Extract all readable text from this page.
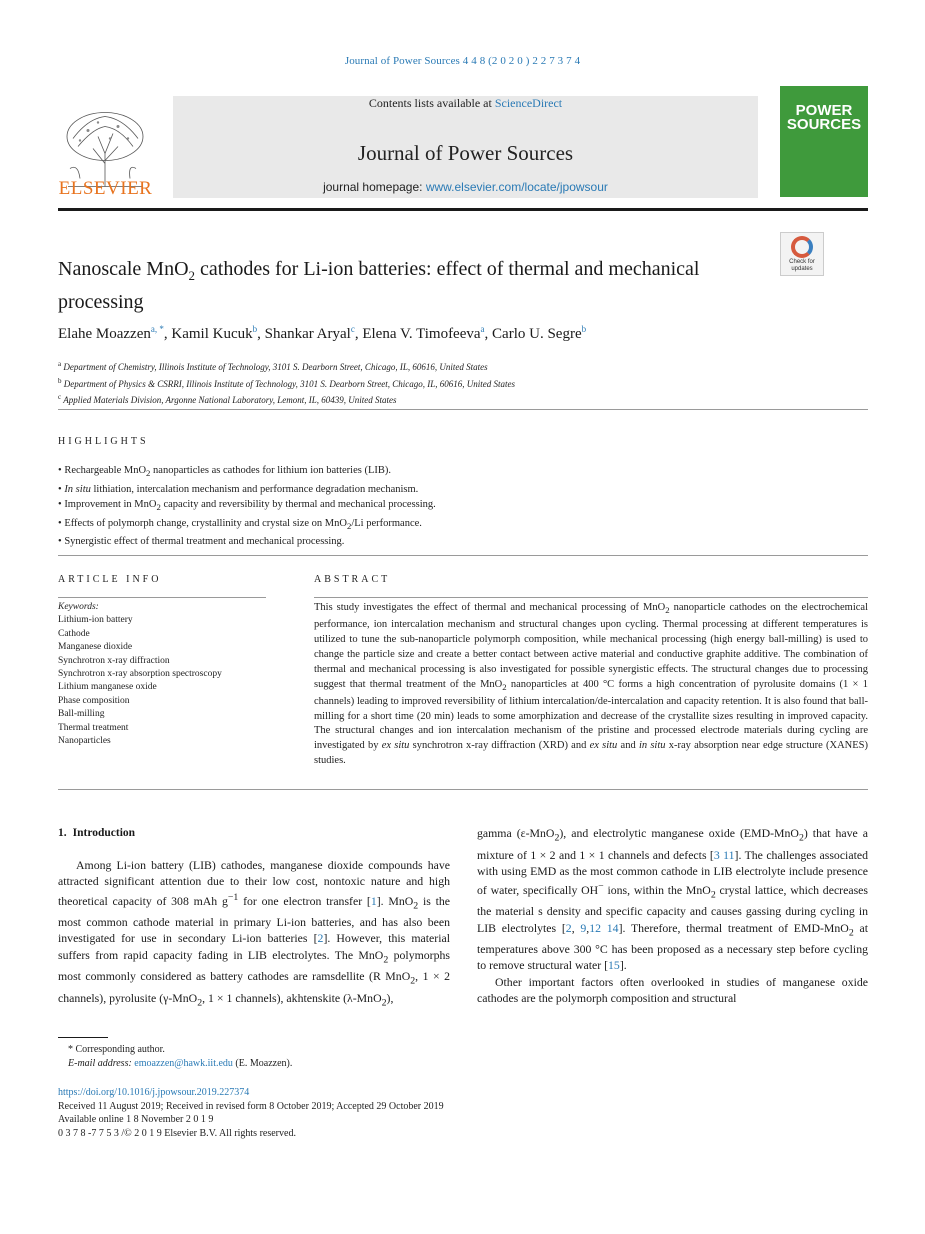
Journal of Power Sources 4 4 8 (2 0 2 0 ) 2 2 7 3 7 4
ELSEVIER
Contents lists available at ScienceDirect
Journal of Power Sources
journal homepage: www.elsevier.com/locate/jpowsour
POWER
SOURCES
Check for updates
Nanoscale MnO$_2$ cathodes for Li-ion batteries: effect of thermal and mechanical processing
Elahe Moazzen$^{a, *}$, Kamil Kucuk$^b$, Shankar Aryal$^c$, Elena V. Timofeeva$^a$, Carlo U. Segre$^b$
$^a$ Department of Chemistry, Illinois Institute of Technology, 3101 S. Dearborn Street, Chicago, IL, 60616, United States
$^b$ Department of Physics & CSRRI, Illinois Institute of Technology, 3101 S. Dearborn Street, Chicago, IL, 60616, United States
$^c$ Applied Materials Division, Argonne National Laboratory, Lemont, IL, 60439, United States
HIGHLIGHTS
• Rechargeable MnO$_2$ nanoparticles as cathodes for lithium ion batteries (LIB).
• In situ lithiation, intercalation mechanism and performance degradation mechanism.
• Improvement in MnO$_2$ capacity and reversibility by thermal and mechanical processing.
• Effects of polymorph change, crystallinity and crystal size on MnO$_2$/Li performance.
• Synergistic effect of thermal treatment and mechanical processing.
ARTICLE INFO
Keywords:
Lithium-ion battery
Cathode
Manganese dioxide
Synchrotron x-ray diffraction
Synchrotron x-ray absorption spectroscopy
Lithium manganese oxide
Phase composition
Ball-milling
Thermal treatment
Nanoparticles
ABSTRACT
This study investigates the effect of thermal and mechanical processing of MnO$_2$ nanoparticle cathodes on the electrochemical performance, ion intercalation mechanism and structural changes upon cycling. Thermal processing at different temperatures is utilized to tune the sub-nanoparticle polymorph composition, while mechanical processing (high energy ball-milling) is used to change the particle size and create a better contact between active material and conductive graphite additive. The combination of thermal and mechanical processing is also investigated for possible synergistic effects. The structural changes due to processing suggest that thermal treatment of the MnO$_2$ nanoparticles at 400 °C forms a high concentration of pyrolusite domains (1 × 1 channels) leading to improved reversibility of lithium intercalation/de-intercalation and capacity retention. It is also found that ball-milling for a short time (20 min) leads to some amorphization and decrease of the crystallite sizes resulting in improved capacity. The structural changes and ion intercalation mechanism of the pristine and processed electrode materials during cycling are investigated by ex situ synchrotron x-ray diffraction (XRD) and ex situ and in situ x-ray absorption near edge structure (XANES) studies.
1. Introduction

Among Li-ion battery (LIB) cathodes, manganese dioxide compounds have attracted significant attention due to their low cost, nontoxic nature and high theoretical capacity of 308 mAh $g^{-1}$ for one electron transfer [1]. MnO$_2$ is the most common cathode material in primary Li-ion batteries, and has also been investigated for use in secondary Li-ion batteries [2]. However, this material suffers from rapid capacity fading in LIB electrolytes. The MnO$_2$ polymorphs most commonly considered as battery cathodes are ramsdellite (R MnO$_2$, 1 × 2 channels), pyrolusite (γ-MnO$_2$, 1 × 1 channels), akhtenskite (λ-MnO$_2$),

gamma (ε-MnO$_2$), and electrolytic manganese oxide (EMD-MnO$_2$) that have a mixture of 1 × 2 and 1 × 1 channels and defects [3 11]. The challenges associated with using EMD as the most common cathode in LIB electrolyte include presence of water, specifically OH− ions, within the MnO$_2$ crystal lattice, which decreases the material s density and specific capacity and causes gassing during cycling in LIB electrolytes [2, 9,12 14]. Therefore, thermal treatment of EMD-MnO$_2$ at temperatures above 300 °C has been proposed as a necessary step before cycling to remove structural water [15].

Other important factors often overlooked in studies of manganese oxide cathodes are the polymorph composition and structural

* Corresponding author.
E-mail address: emoazzen@hawk.iit.edu (E. Moazzen).
https://doi.org/10.1016/j.jpowsour.2019.227374
Received 11 August 2019; Received in revised form 8 October 2019; Accepted 29 October 2019
Available online 1 8 November 2 0 1 9
0 3 7 8 -7 7 5 3 /© 2 0 1 9 Elsevier B.V. All rights reserved.
